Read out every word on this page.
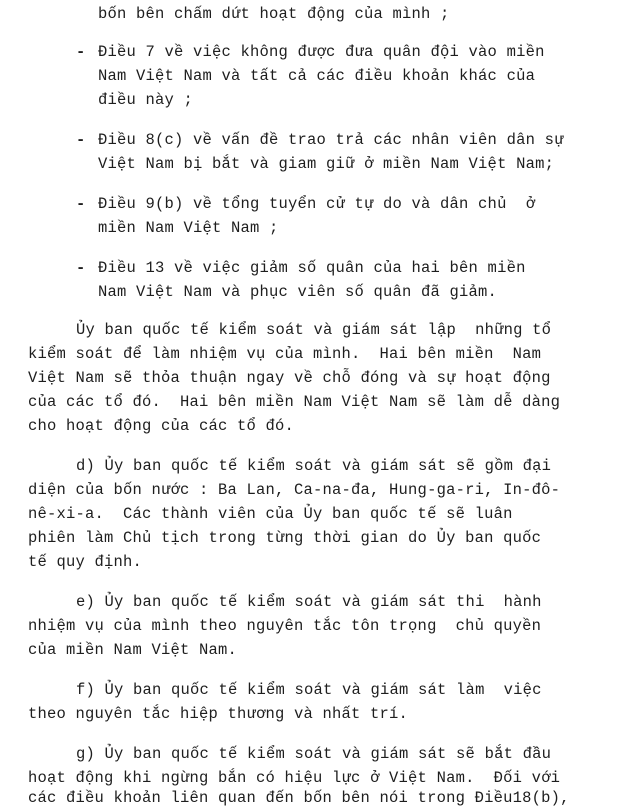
bốn bên chấm dứt hoạt động của mình ;
- Điều 7 về việc không được đưa quân đội vào miền
Nam Việt Nam và tất cả các điều khoản khác của
điều này ;
- Điều 8(c) về vấn đề trao trả các nhân viên dân sự
Việt Nam bị bắt và giam giữ ở miền Nam Việt Nam;
- Điều 9(b) về tổng tuyển cử tự do và dân chủ  ở
miền Nam Việt Nam ;
- Điều 13 về việc giảm số quân của hai bên miền
Nam Việt Nam và phục viên số quân đã giảm.
Ủy ban quốc tế kiểm soát và giám sát lập  những tổ
kiểm soát để làm nhiệm vụ của mình.  Hai bên miền  Nam
Việt Nam sẽ thỏa thuận ngay về chỗ đóng và sự hoạt động
của các tổ đó.  Hai bên miền Nam Việt Nam sẽ làm dễ dàng
cho hoạt động của các tổ đó.
d) Ủy ban quốc tế kiểm soát và giám sát sẽ gồm đại
diện của bốn nước : Ba Lan, Ca-na-đa, Hung-ga-ri, In-đô-
nê-xi-a.  Các thành viên của Ủy ban quốc tế sẽ luân
phiên làm Chủ tịch trong từng thời gian do Ủy ban quốc
tế quy định.
e) Ủy ban quốc tế kiểm soát và giám sát thi  hành
nhiệm vụ của mình theo nguyên tắc tôn trọng  chủ quyền
của miền Nam Việt Nam.
f) Ủy ban quốc tế kiểm soát và giám sát làm  việc
theo nguyên tắc hiệp thương và nhất trí.
g) Ủy ban quốc tế kiểm soát và giám sát sẽ bắt đầu
hoạt động khi ngừng bắn có hiệu lực ở Việt Nam.  Đối với
các điều khoản liên quan đến bốn bên nói trong Điều18(b),
